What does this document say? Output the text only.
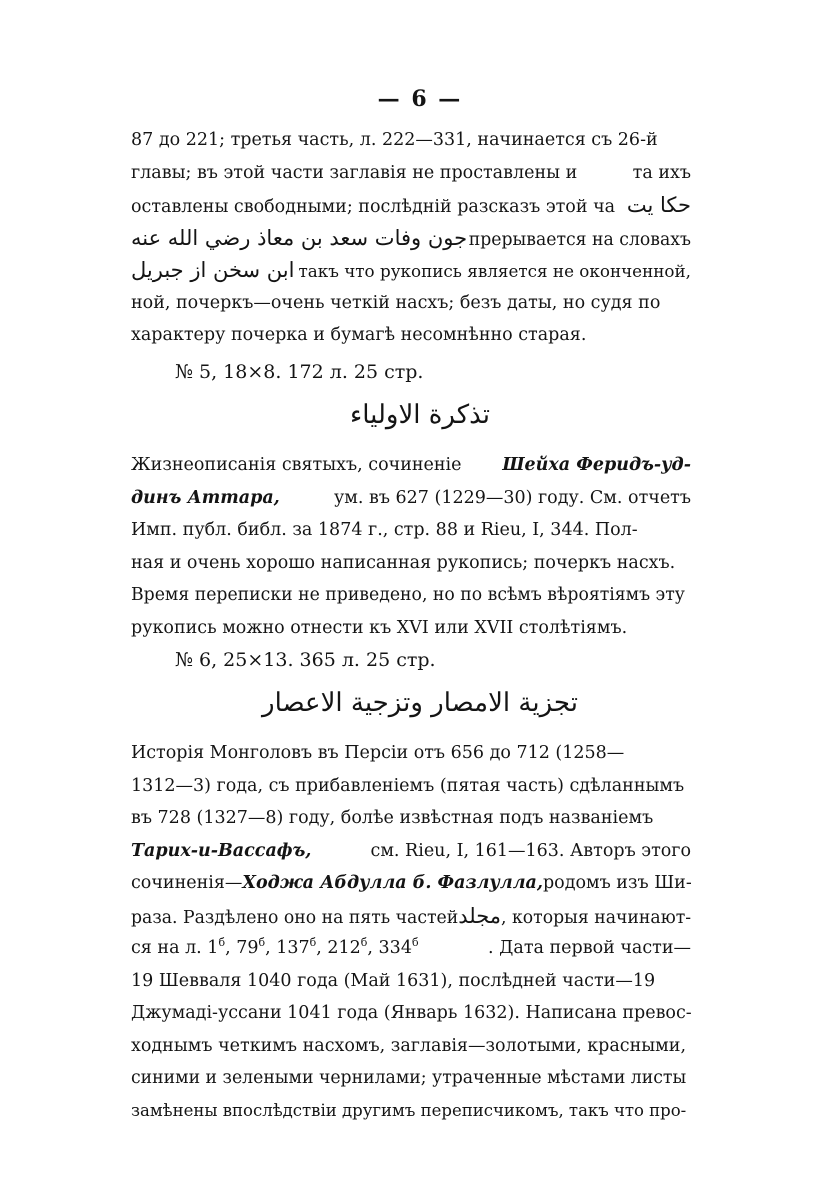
— 6 —
87 до 221; третья часть, л. 222—331, начинается съ 26-й
главы; въ этой части заглавія не проставлены и	та ихъ
оставлены свободными; послѣдній разсказъ этой ча حکا یت
جون وفات سعد بن معاذ رضي الله عنه прерывается на словахъ
ابن سخن از جبريل такъ что рукопись является не оконченной,
ной, почеркъ—очень четкій насхъ; безъ даты, но судя по
характеру почерка и бумагѣ несомнѣнно старая.
№ 5, 18×8. 172 л. 25 стр.
تذكرة الاولياء
Жизнеописанія святыхъ, сочиненіе Шейха Феридъ-уд-
динъ Аттара,	ум. въ 627 (1229—30) году. См. отчетъ
Имп. публ. библ. за 1874 г., стр. 88 и Rieu, I, 344. Пол-
ная и очень хорошо написанная рукопись; почеркъ насхъ.
Время переписки не приведено, но по всѣмъ вѣроятіямъ эту
рукопись можно отнести къ XVI или XVII столѣтіямъ.
№ 6, 25×13. 365 л. 25 стр.
تجزية الامصار وتزجية الاعصار
Исторія Монголовъ въ Персіи отъ 656 до 712 (1258—
1312—3) года, съ прибавленіемъ (пятая часть) сдѣланнымъ
въ 728 (1327—8) году, болѣе извѣстная подъ названіемъ
Тарих-и-Вассафъ,	см. Rieu, I, 161—163. Авторъ этого
сочиненія— Ходжа Абдулла б. Фазлулла, родомъ изъ Ши-
раза. Раздѣлено оно на пять частей مجلد, которыя начинают-
ся на л. $1^б$, $79^б$, $137^б$, $212^б$, $334^б$	. Дата первой части—
19 Шевваля 1040 года (Май 1631), послѣдней части—19
Джумаді-уссани 1041 года (Январь 1632). Написана превос-
ходнымъ четкимъ насхомъ, заглавія—золотыми, красными,
синими и зелеными чернилами; утраченные мѣстами листы
замѣнены впослѣдствіи другимъ переписчикомъ, такъ что про-
